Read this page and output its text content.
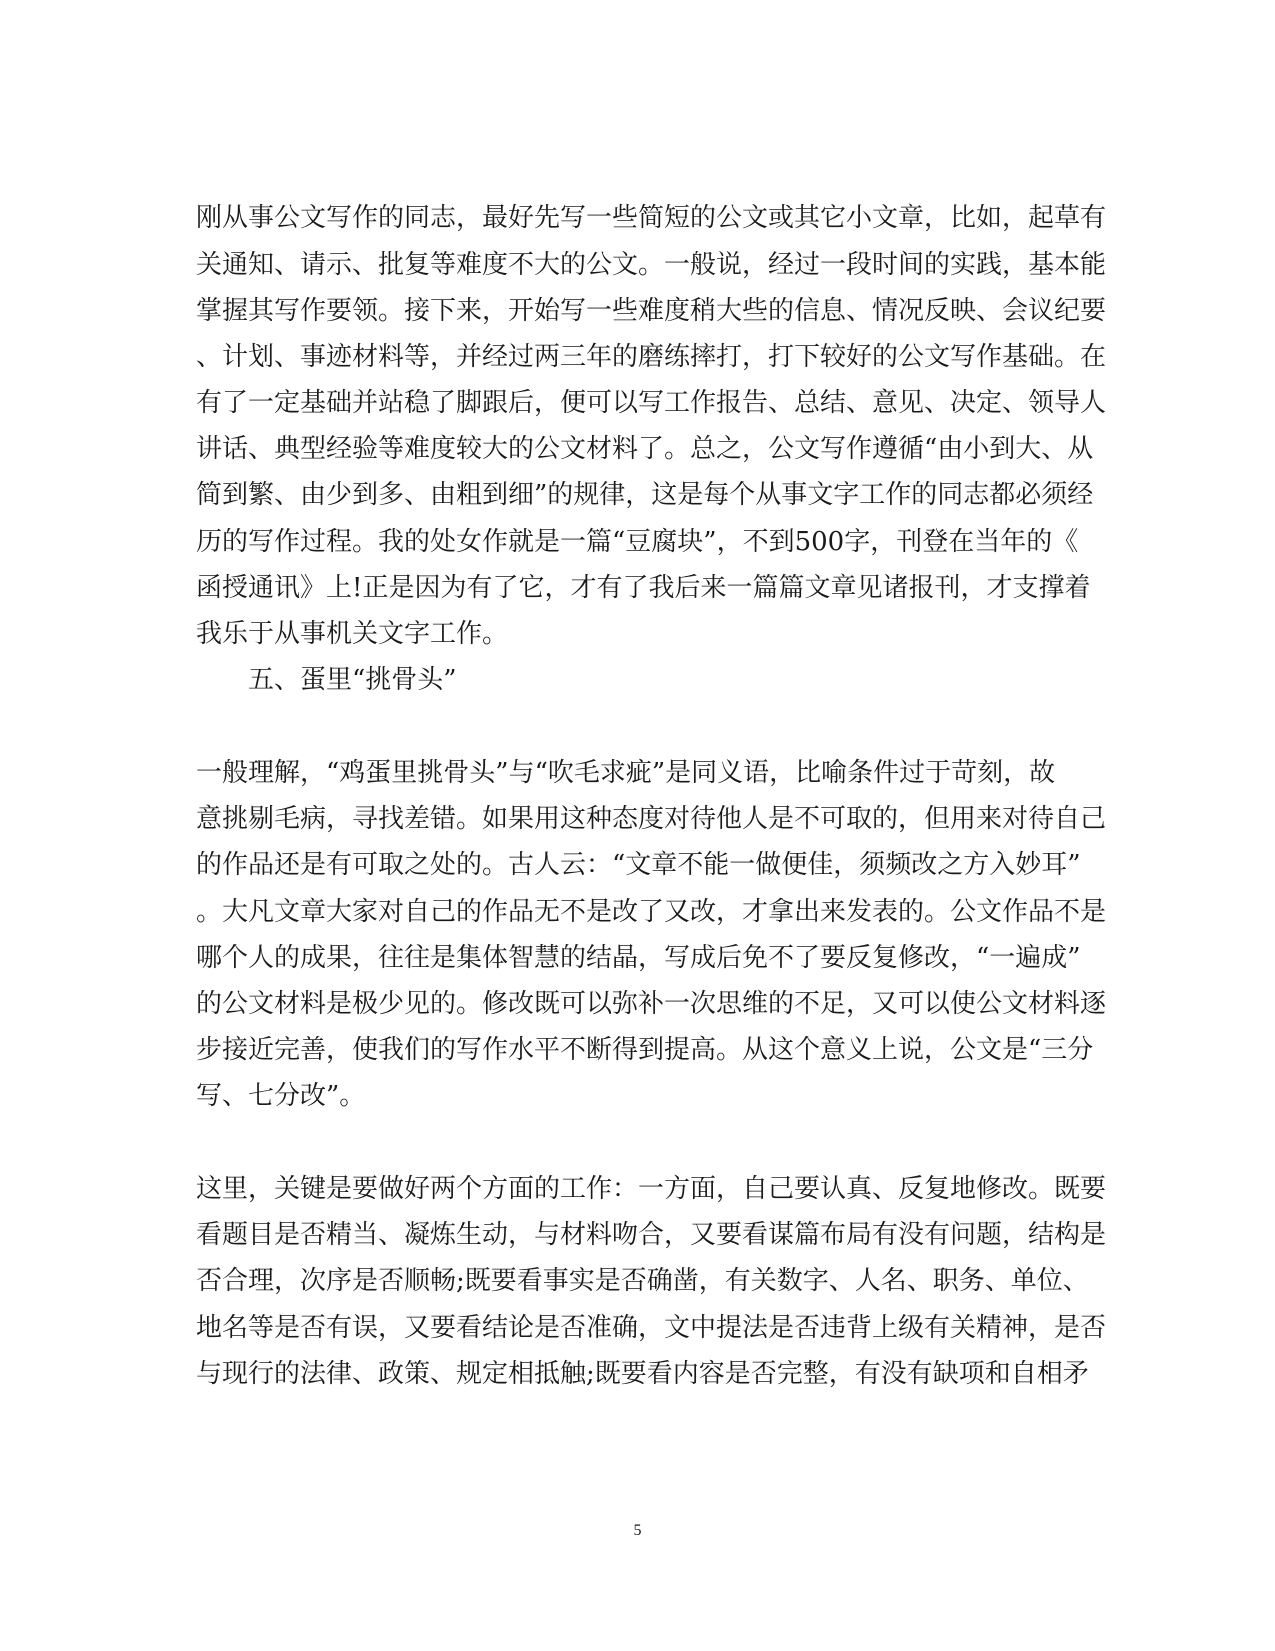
刚从事公文写作的同志，最好先写一些简短的公文或其它小文章，比如，起草有
关通知、请示、批复等难度不大的公文。一般说，经过一段时间的实践，基本能
掌握其写作要领。接下来，开始写一些难度稍大些的信息、情况反映、会议纪要
、计划、事迹材料等，并经过两三年的磨练摔打，打下较好的公文写作基础。在
有了一定基础并站稳了脚跟后，便可以写工作报告、总结、意见、决定、领导人
讲话、典型经验等难度较大的公文材料了。总之，公文写作遵循“由小到大、从
简到繁、由少到多、由粗到细”的规律，这是每个从事文字工作的同志都必须经
历的写作过程。我的处女作就是一篇“豆腐块”，不到500字，刊登在当年的《
函授通讯》上!正是因为有了它，才有了我后来一篇篇文章见诸报刊，才支撑着
我乐于从事机关文字工作。
五、蛋里“挑骨头”
一般理解，“鸡蛋里挑骨头”与“吹毛求疵”是同义语，比喻条件过于苛刻，故
意挑剔毛病，寻找差错。如果用这种态度对待他人是不可取的，但用来对待自己
的作品还是有可取之处的。古人云：“文章不能一做便佳，须频改之方入妙耳”
。大凡文章大家对自己的作品无不是改了又改，才拿出来发表的。公文作品不是
哪个人的成果，往往是集体智慧的结晶，写成后免不了要反复修改，“一遍成”
的公文材料是极少见的。修改既可以弥补一次思维的不足，又可以使公文材料逐
步接近完善，使我们的写作水平不断得到提高。从这个意义上说，公文是“三分
写、七分改”。
这里，关键是要做好两个方面的工作：一方面，自己要认真、反复地修改。既要
看题目是否精当、凝炼生动，与材料吻合，又要看谋篇布局有没有问题，结构是
否合理，次序是否顺畅;既要看事实是否确凿，有关数字、人名、职务、单位、
地名等是否有误，又要看结论是否准确，文中提法是否违背上级有关精神，是否
与现行的法律、政策、规定相抵触;既要看内容是否完整，有没有缺项和自相矛
5
